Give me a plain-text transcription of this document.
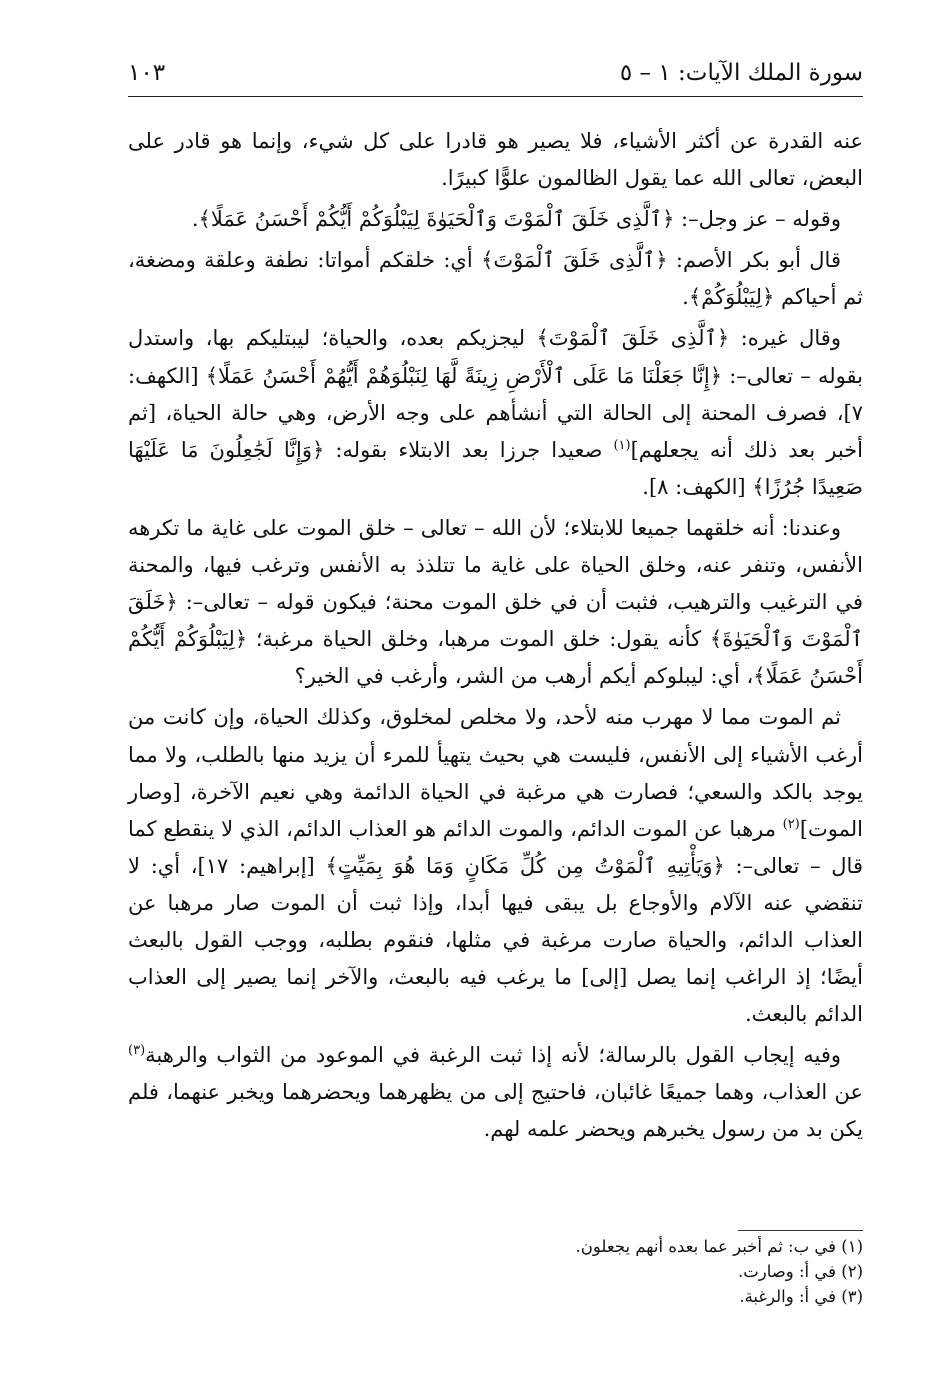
سورة الملك الآيات: ١ – ٥
١٠٣

عنه القدرة عن أكثر الأشياء، فلا يصير هو قادرا على كل شيء، وإنما هو قادر على البعض، تعالى الله عما يقول الظالمون علوًّا كبيرًا.

وقوله – عز وجل–: ﴿ٱلَّذِى خَلَقَ ٱلْمَوْتَ وَٱلْحَيَوٰةَ لِيَبْلُوَكُمْ أَيُّكُمْ أَحْسَنُ عَمَلًا﴾.

قال أبو بكر الأصم: ﴿ٱلَّذِى خَلَقَ ٱلْمَوْتَ﴾ أي: خلقكم أمواتا: نطفة وعلقة ومضغة، ثم أحياكم ﴿لِيَبْلُوَكُمْ﴾.

وقال غيره: ﴿ٱلَّذِى خَلَقَ ٱلْمَوْتَ﴾ ليجزيكم بعده، والحياة؛ ليبتليكم بها، واستدل بقوله – تعالى–: ﴿إِنَّا جَعَلْنَا مَا عَلَى ٱلْأَرْضِ زِينَةً لَّهَا لِنَبْلُوَهُمْ أَيُّهُمْ أَحْسَنُ عَمَلًا﴾ [الكهف: ٧]، فصرف المحنة إلى الحالة التي أنشأهم على وجه الأرض، وهي حالة الحياة، [ثم أخبر بعد ذلك أنه يجعلهم]$^{(١)}$ صعيدا جرزا بعد الابتلاء بقوله: ﴿وَإِنَّا لَجَٰعِلُونَ مَا عَلَيْهَا صَعِيدًا جُرُزًا﴾ [الكهف: ٨].

وعندنا: أنه خلقهما جميعا للابتلاء؛ لأن الله – تعالى – خلق الموت على غاية ما تكرهه الأنفس، وتنفر عنه، وخلق الحياة على غاية ما تتلذذ به الأنفس وترغب فيها، والمحنة في الترغيب والترهيب، فثبت أن في خلق الموت محنة؛ فيكون قوله – تعالى–: ﴿خَلَقَ ٱلْمَوْتَ وَٱلْحَيَوٰةَ﴾ كأنه يقول: خلق الموت مرهبا، وخلق الحياة مرغبة؛ ﴿لِيَبْلُوَكُمْ أَيُّكُمْ أَحْسَنُ عَمَلًا﴾، أي: ليبلوكم أيكم أرهب من الشر، وأرغب في الخير؟

ثم الموت مما لا مهرب منه لأحد، ولا مخلص لمخلوق، وكذلك الحياة، وإن كانت من أرغب الأشياء إلى الأنفس، فليست هي بحيث يتهيأ للمرء أن يزيد منها بالطلب، ولا مما يوجد بالكد والسعي؛ فصارت هي مرغبة في الحياة الدائمة وهي نعيم الآخرة، [وصار الموت]$^{(٢)}$ مرهبا عن الموت الدائم، والموت الدائم هو العذاب الدائم، الذي لا ينقطع كما قال – تعالى–: ﴿وَيَأْتِيهِ ٱلْمَوْتُ مِن كُلِّ مَكَانٍ وَمَا هُوَ بِمَيِّتٍ﴾ [إبراهيم: ١٧]، أي: لا تنقضي عنه الآلام والأوجاع بل يبقى فيها أبدا، وإذا ثبت أن الموت صار مرهبا عن العذاب الدائم، والحياة صارت مرغبة في مثلها، فنقوم بطلبه، ووجب القول بالبعث أيضًا؛ إذ الراغب إنما يصل [إلى] ما يرغب فيه بالبعث، والآخر إنما يصير إلى العذاب الدائم بالبعث.

وفيه إيجاب القول بالرسالة؛ لأنه إذا ثبت الرغبة في الموعود من الثواب والرهبة$^{(٣)}$ عن العذاب، وهما جميعًا غائبان، فاحتيج إلى من يظهرهما ويحضرهما ويخبر عنهما، فلم يكن بد من رسول يخبرهم ويحضر علمه لهم.

(١) في ب: ثم أخبر عما بعده أنهم يجعلون.
(٢) في أ: وصارت.
(٣) في أ: والرغبة.
